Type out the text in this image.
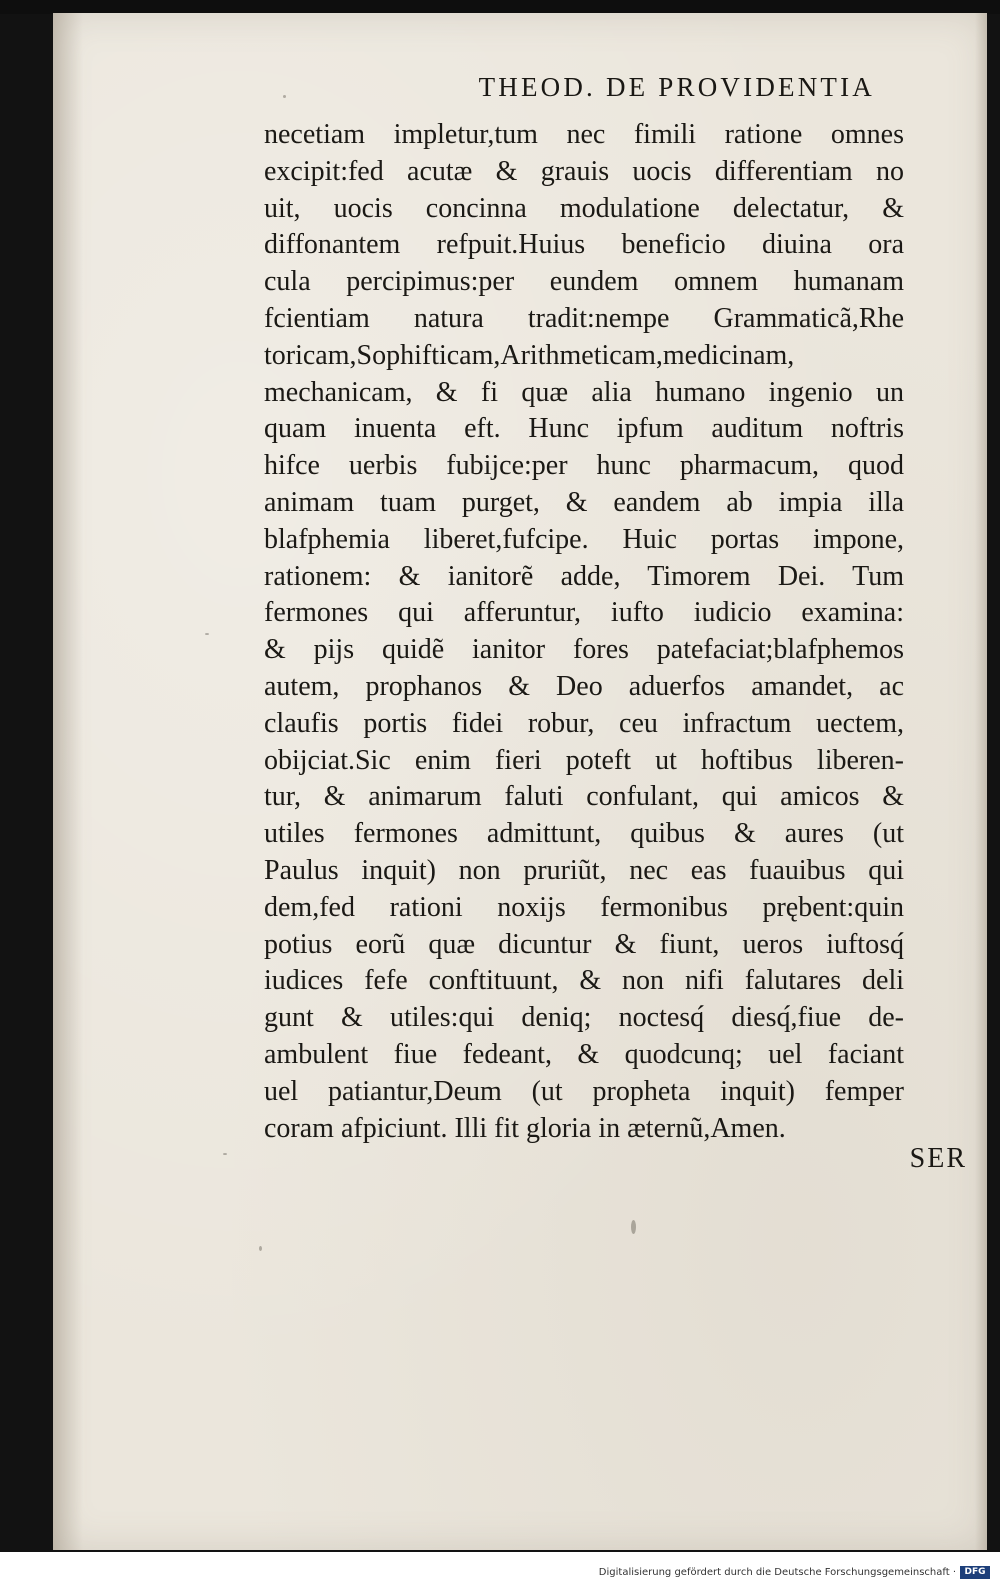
THEOD. DE PROVIDENTIA
necetiam impletur,tum nec fimili ratione omnes
excipit:fed acutæ & grauis uocis differentiam no
uit, uocis concinna modulatione delectatur, &
diffonantem refpuit.Huius beneficio diuina ora
cula percipimus:per eundem omnem humanam
fcientiam natura tradit:nempe Grammaticã,Rhe
toricam,Sophifticam,Arithmeticam,medicinam,
mechanicam, & fi quæ alia humano ingenio un
quam inuenta eft. Hunc ipfum auditum noftris
hifce uerbis fubijce:per hunc pharmacum, quod
animam tuam purget, & eandem ab impia illa
blafphemia liberet,fufcipe. Huic portas impone,
rationem: & ianitorẽ adde, Timorem Dei. Tum
fermones qui afferuntur, iufto iudicio examina:
& pijs quidẽ ianitor fores patefaciat;blafphemos
autem, prophanos & Deo aduerfos amandet, ac
claufis portis fidei robur, ceu infractum uectem,
obijciat.Sic enim fieri poteft ut hoftibus liberen-
tur, & animarum faluti confulant, qui amicos &
utiles fermones admittunt, quibus & aures (ut
Paulus inquit) non pruriũt, nec eas fuauibus qui
dem,fed rationi noxijs fermonibus prębent:quin
potius eorũ quæ dicuntur & fiunt, ueros iuftosq́
iudices fefe conftituunt, & non nifi falutares deli
gunt & utiles:qui deniq; noctesq́ diesq́,fiue de-
ambulent fiue fedeant, & quodcunq; uel faciant
uel patiantur,Deum (ut propheta inquit) femper
coram afpiciunt. Illi fit gloria in æternũ,Amen.
SER
Digitalisierung gefördert durch die Deutsche Forschungsgemeinschaft · DFG
